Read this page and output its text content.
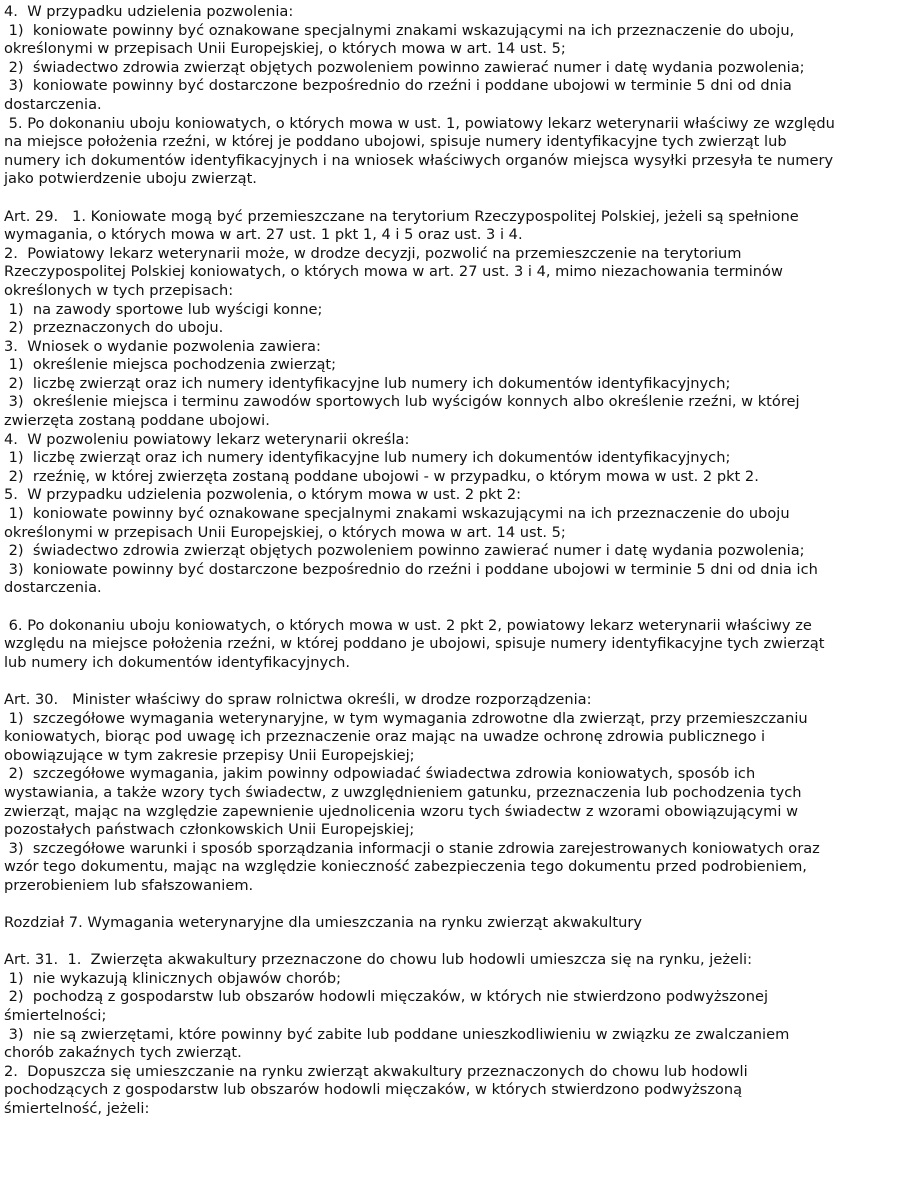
4.  W przypadku udzielenia pozwolenia:
1)  koniowate powinny być oznakowane specjalnymi znakami wskazującymi na ich przeznaczenie do uboju,
określonymi w przepisach Unii Europejskiej, o których mowa w art. 14 ust. 5;
2)  świadectwo zdrowia zwierząt objętych pozwoleniem powinno zawierać numer i datę wydania pozwolenia;
3)  koniowate powinny być dostarczone bezpośrednio do rzeźni i poddane ubojowi w terminie 5 dni od dnia
dostarczenia.
5. Po dokonaniu uboju koniowatych, o których mowa w ust. 1, powiatowy lekarz weterynarii właściwy ze względu
na miejsce położenia rzeźni, w której je poddano ubojowi, spisuje numery identyfikacyjne tych zwierząt lub
numery ich dokumentów identyfikacyjnych i na wniosek właściwych organów miejsca wysyłki przesyła te numery
jako potwierdzenie uboju zwierząt.
Art. 29.   1. Koniowate mogą być przemieszczane na terytorium Rzeczypospolitej Polskiej, jeżeli są spełnione
wymagania, o których mowa w art. 27 ust. 1 pkt 1, 4 i 5 oraz ust. 3 i 4.
2.  Powiatowy lekarz weterynarii może, w drodze decyzji, pozwolić na przemieszczenie na terytorium
Rzeczypospolitej Polskiej koniowatych, o których mowa w art. 27 ust. 3 i 4, mimo niezachowania terminów
określonych w tych przepisach:
1)  na zawody sportowe lub wyścigi konne;
2)  przeznaczonych do uboju.
3.  Wniosek o wydanie pozwolenia zawiera:
1)  określenie miejsca pochodzenia zwierząt;
2)  liczbę zwierząt oraz ich numery identyfikacyjne lub numery ich dokumentów identyfikacyjnych;
3)  określenie miejsca i terminu zawodów sportowych lub wyścigów konnych albo określenie rzeźni, w której
zwierzęta zostaną poddane ubojowi.
4.  W pozwoleniu powiatowy lekarz weterynarii określa:
1)  liczbę zwierząt oraz ich numery identyfikacyjne lub numery ich dokumentów identyfikacyjnych;
2)  rzeźnię, w której zwierzęta zostaną poddane ubojowi - w przypadku, o którym mowa w ust. 2 pkt 2.
5.  W przypadku udzielenia pozwolenia, o którym mowa w ust. 2 pkt 2:
1)  koniowate powinny być oznakowane specjalnymi znakami wskazującymi na ich przeznaczenie do uboju
określonymi w przepisach Unii Europejskiej, o których mowa w art. 14 ust. 5;
2)  świadectwo zdrowia zwierząt objętych pozwoleniem powinno zawierać numer i datę wydania pozwolenia;
3)  koniowate powinny być dostarczone bezpośrednio do rzeźni i poddane ubojowi w terminie 5 dni od dnia ich
dostarczenia.
6. Po dokonaniu uboju koniowatych, o których mowa w ust. 2 pkt 2, powiatowy lekarz weterynarii właściwy ze
względu na miejsce położenia rzeźni, w której poddano je ubojowi, spisuje numery identyfikacyjne tych zwierząt
lub numery ich dokumentów identyfikacyjnych.
Art. 30.   Minister właściwy do spraw rolnictwa określi, w drodze rozporządzenia:
1)  szczegółowe wymagania weterynaryjne, w tym wymagania zdrowotne dla zwierząt, przy przemieszczaniu
koniowatych, biorąc pod uwagę ich przeznaczenie oraz mając na uwadze ochronę zdrowia publicznego i
obowiązujące w tym zakresie przepisy Unii Europejskiej;
2)  szczegółowe wymagania, jakim powinny odpowiadać świadectwa zdrowia koniowatych, sposób ich
wystawiania, a także wzory tych świadectw, z uwzględnieniem gatunku, przeznaczenia lub pochodzenia tych
zwierząt, mając na względzie zapewnienie ujednolicenia wzoru tych świadectw z wzorami obowiązującymi w
pozostałych państwach członkowskich Unii Europejskiej;
3)  szczegółowe warunki i sposób sporządzania informacji o stanie zdrowia zarejestrowanych koniowatych oraz
wzór tego dokumentu, mając na względzie konieczność zabezpieczenia tego dokumentu przed podrobieniem,
przerobieniem lub sfałszowaniem.
Rozdział 7. Wymagania weterynaryjne dla umieszczania na rynku zwierząt akwakultury
Art. 31.  1.  Zwierzęta akwakultury przeznaczone do chowu lub hodowli umieszcza się na rynku, jeżeli:
1)  nie wykazują klinicznych objawów chorób;
2)  pochodzą z gospodarstw lub obszarów hodowli mięczaków, w których nie stwierdzono podwyższonej
śmiertelności;
3)  nie są zwierzętami, które powinny być zabite lub poddane unieszkodliwieniu w związku ze zwalczaniem
chorób zakaźnych tych zwierząt.
2.  Dopuszcza się umieszczanie na rynku zwierząt akwakultury przeznaczonych do chowu lub hodowli
pochodzących z gospodarstw lub obszarów hodowli mięczaków, w których stwierdzono podwyższoną
śmiertelność, jeżeli:
